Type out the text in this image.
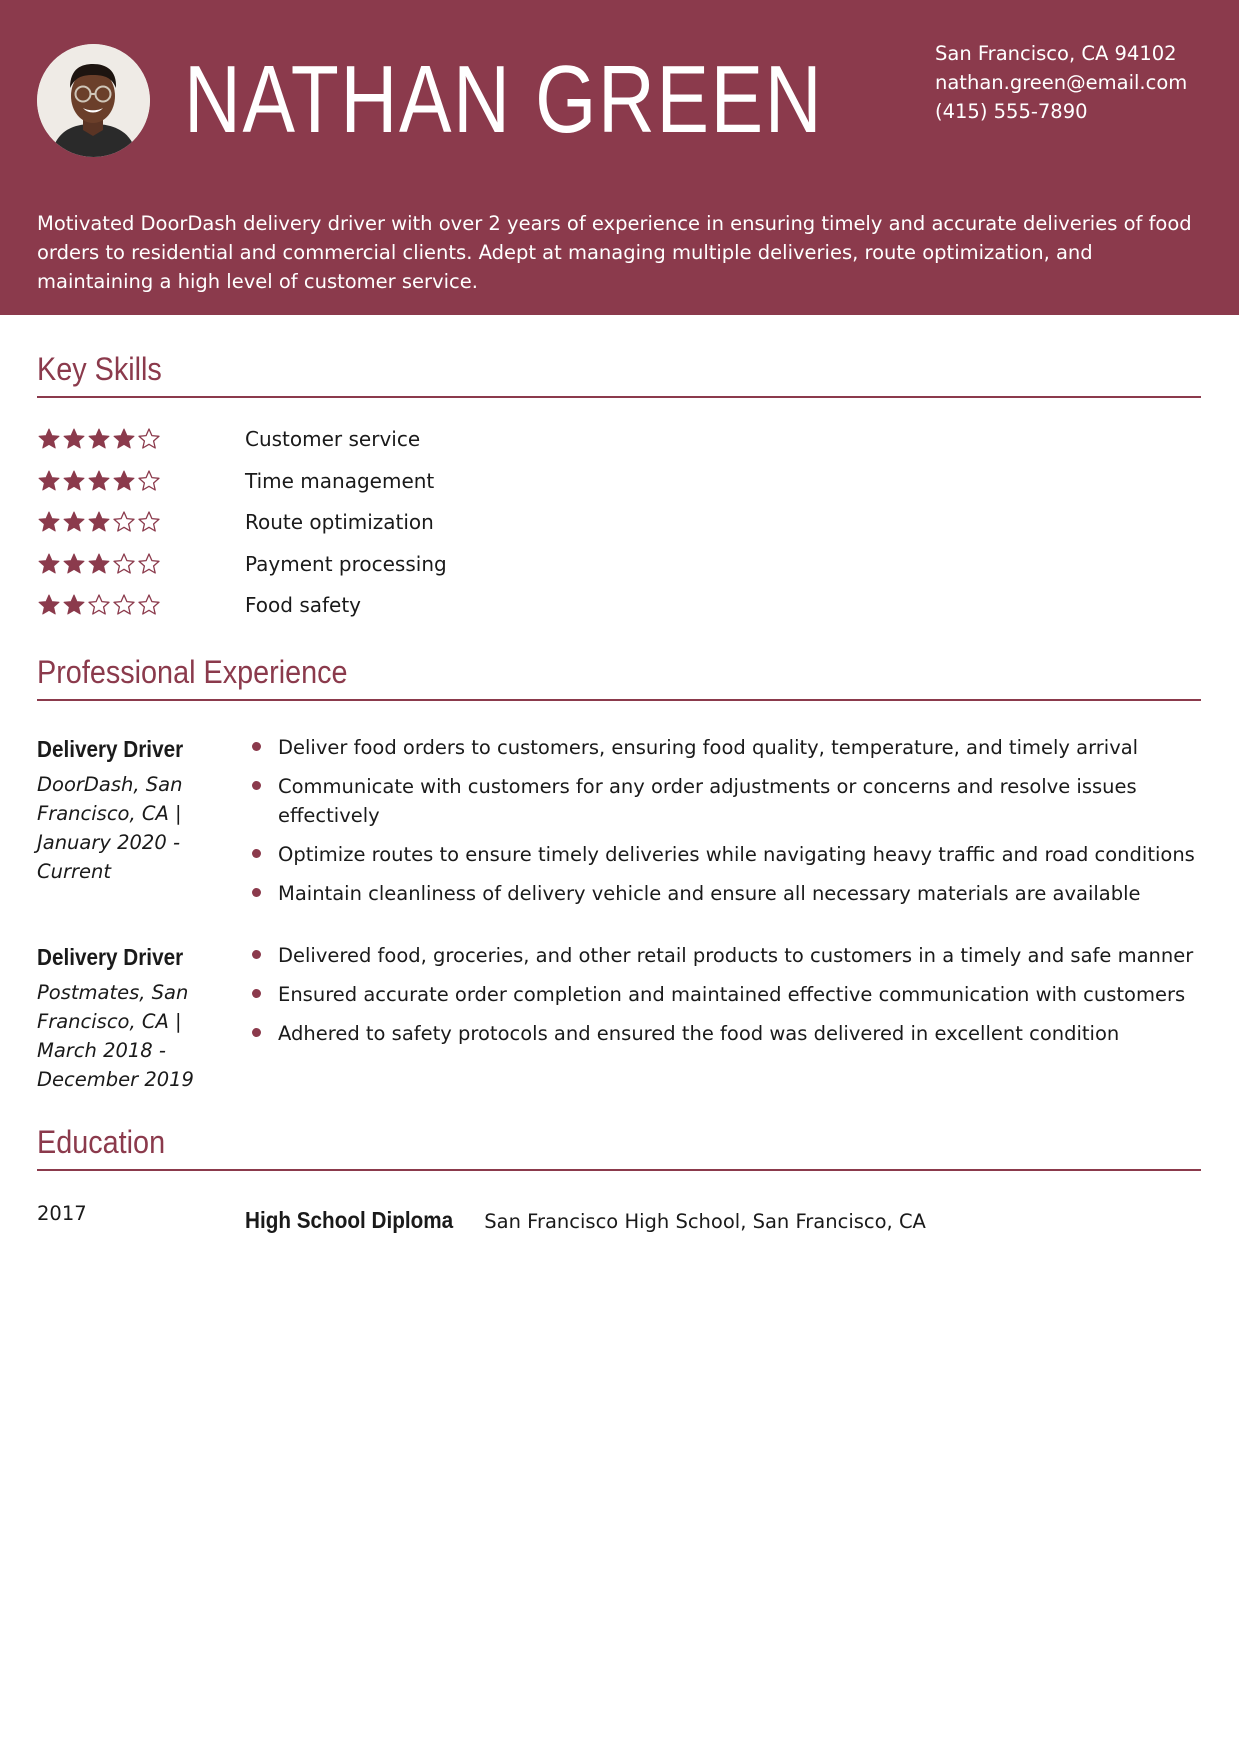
NATHAN GREEN	San Francisco, CA 94102
nathan.green@email.com
(415) 555-7890
Motivated DoorDash delivery driver with over 2 years of experience in ensuring timely and accurate deliveries of food orders to residential and commercial clients. Adept at managing multiple deliveries, route optimization, and maintaining a high level of customer service.
Key Skills
Customer service
Time management
Route optimization
Payment processing
Food safety
Professional Experience
Delivery Driver
DoorDash, San Francisco, CA | January 2020 - Current
Deliver food orders to customers, ensuring food quality, temperature, and timely arrival
Communicate with customers for any order adjustments or concerns and resolve issues effectively
Optimize routes to ensure timely deliveries while navigating heavy traffic and road conditions
Maintain cleanliness of delivery vehicle and ensure all necessary materials are available
Delivery Driver
Postmates, San Francisco, CA | March 2018 - December 2019
Delivered food, groceries, and other retail products to customers in a timely and safe manner
Ensured accurate order completion and maintained effective communication with customers
Adhered to safety protocols and ensured the food was delivered in excellent condition
Education
2017	High School Diploma San Francisco High School, San Francisco, CA
